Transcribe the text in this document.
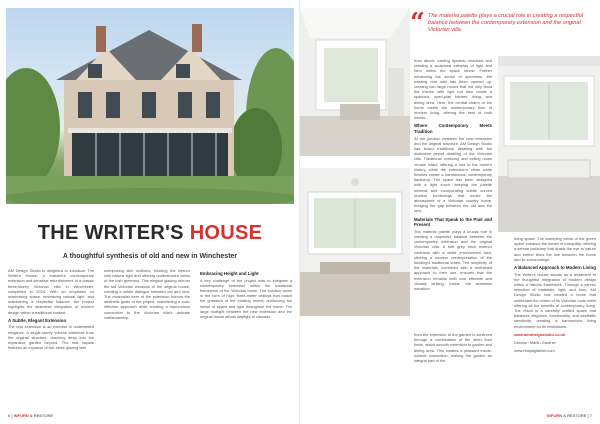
THE WRITER'S HOUSE
A thoughtful synthesis of old and new in Winchester

AM Design Studio is delighted to introduce The Writer's House, a masterful contemporary extension and sensitive refurbishment of a classic three-storey Victorian villa in Winchester, completed in 2024. With an emphasis on maximising space, embracing natural light, and maintaining a respectful balance, the project highlights the seamless integration of modern design within a traditional context.

A Subtle, Elegant Extension

The rear extension is an exercise in understated elegance. A single-storey volume stretches from the original structure, reaching deep into the expansive garden beyond. The rear façade features an expanse of tall, sleek glazing with

unimposing slim mullions, flooding the interior with natural light and offering unobstructed views of the lush greenery. This elegant glazing mirrors the tall Victorian windows of the original house, creating a subtle dialogue between old and new. The minimalist form of the extension honors the aesthetic goals of the project, maintaining a cost-effective approach while creating a harmonious connection to the Victorian villa's delicate craftsmanship.

Embracing Height and Light

A key challenge of the project was to integrate a contemporary extension within the traditional framework of the Victorian home. The solution came in the form of high, three-meter ceilings that match the grandeur of the existing rooms, reinforcing the sense of space and light throughout the home. The large rooflight between the new extension and the original house allows daylight to cascade

6 | INFURN & RESTORE
“ The material palette plays a crucial role in creating a respectful balance between the contemporary extension and the original Victorian villa

from above, casting dynamic shadows and creating a sculptural interplay of light and form within the space below. Further enhancing the sense of openness, the existing rear wall has been opened up, creating two large rooms that not only flood the interior with light but also create a spacious, open-plan kitchen, living, and dining area. Here, the central charm of the home meets the contemporary flow of modern living, offering the best of both worlds.

Where Contemporary Meets Tradition

At the junction between the new extension and the original structure, AM Design Studio has fused traditional detailing with the distinctive period detailing of the Victorian villa. Traditional cornicing and ceiling roses remain intact, offering a nod to the home's history, while the extension's clean white finishes create a harmonious, contemporary backdrop. The space has been designed with a light touch, keeping the palette minimal and incorporating subtle curved modern furnishings that evoke the atmosphere of a Victorian country home, bridging the gap between the old and the new.

Materials That Speak to the Past and Present

The material palette plays a crucial role in creating a respectful balance between the contemporary extension and the original Victorian villa. A soft grey brick exterior contrasts with a white environment face, offering a modern reinterpretation of the building's traditional tones. The simplicity of the materials, combined with a restrained approach to their use, ensures that the extension remains both cost effective and visually striking. Inside, the seamless transition

living space. The sweeping views of the green space enhance the sense of tranquility, offering a serene backdrop that draws the eye to nature and further blurs the line between the home and its surroundings.

A Balanced Approach to Modern Living

The Writer's House stands as a testament to the thoughtful integration of modern design within a historic framework. Through a careful selection of materials, light, and form, AM Design Studio has created a home that celebrates the charm of its Victorian roots while offering all the benefits of contemporary living. The result is a carefully crafted space that balances elegance, functionality, and aesthetic sensitivity, creating a harmonious living environment for its inhabitants.

www.amdesignstudio.co.uk

Director: Martin Gardner

www.ribajdigitalnet.com

from the extension to the garden is achieved through a combination of the steel floor finish, which smooth extension to garden and dining area. This creates a pleasant inside-outside connection, making the garden an integral part of the

INFURN & RESTORE | 7
